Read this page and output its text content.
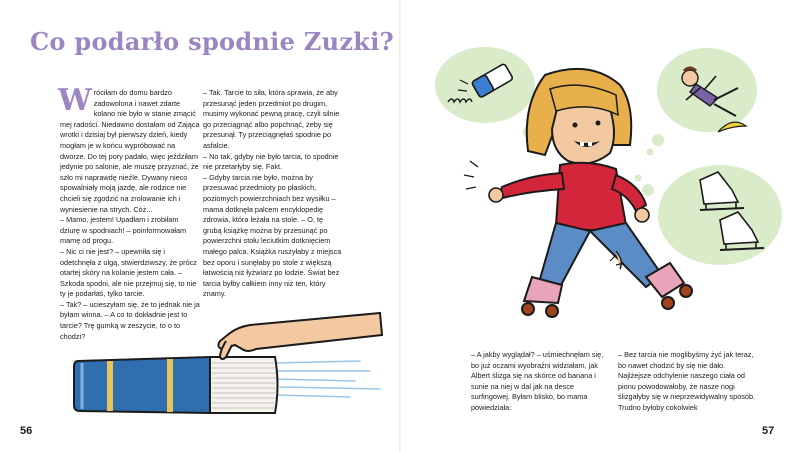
Co podarło spodnie Zuzki?

Wróciłam do domu bardzo zadowolona i nawet zdarte kolano nie było w stanie zmącić mej radości. Niedawno dostałam od Zająca wrotki i dzisiaj był pierwszy dzień, kiedy mogłam je w końcu wypróbować na dworze. Do tej pory padało, więc jeździłam jedynie po salonie, ale muszę przyznać, że szło mi naprawdę nieźle. Dywany nieco spowalniały moją jazdę, ale rodzice nie chcieli się zgodzić na zrolowanie ich i wyniesienie na strych. Cóż...

– Mamo, jestem! Upadłam i zrobiłam dziurę w spodniach! – poinformowałam mamę od progu.

– Nic ci nie jest? – upewniła się i odetchnęła z ulgą, stwierdziwszy, że prócz otartej skóry na kolanie jestem cała. – Szkoda spodni, ale nie przejmuj się, to nie ty je podarłaś, tylko tarcie.

– Tak? – ucieszyłam się, że to jednak nie ja byłam winna. – A co to dokładnie jest to tarcie? Trę gumką w zeszycie, to o to chodzi?

– Tak. Tarcie to siła, która sprawia, że aby przesunąć jeden przedmiot po drugim, musimy wykonać pewną pracę, czyli silnie go przeciągnąć albo popchnąć, żeby się przesunął. Ty przeciągnęłaś spodnie po asfalcie.

– No tak, gdyby nie było tarcia, to spodnie nie przetarłyby się. Fakt.

– Gdyby tarcia nie było, można by przesuwać przedmioty po płaskich, poziomych powierzchniach bez wysiłku – mama dotknęła palcem encyklopedię zdrowia, która leżała na stole. – O, tę grubą książkę można by przesunąć po powierzchni stołu leciutkim dotknięciem małego palca. Książka ruszyłaby z miejsca bez oporu i sunęłaby po stole z większą łatwością niż łyżwiarz po lodzie. Świat bez tarcia byłby całkiem inny niż ten, który znamy.

56

– A jakby wyglądał? – uśmiechnęłam się, bo już oczami wyobraźni widziałam, jak Albert ślizga się na skórce od banana i sunie na niej w dal jak na desce surfingowej. Byłam blisko, bo mama powiedziała:

– Bez tarcia nie moglibyśmy żyć jak teraz, bo nawet chodzić by się nie dało. Najlżejsze odchylenie naszego ciała od pionu powodowałoby, że nasze nogi ślizgałyby się w nieprzewidywalny sposób. Trudno byłoby cokolwiek

57
